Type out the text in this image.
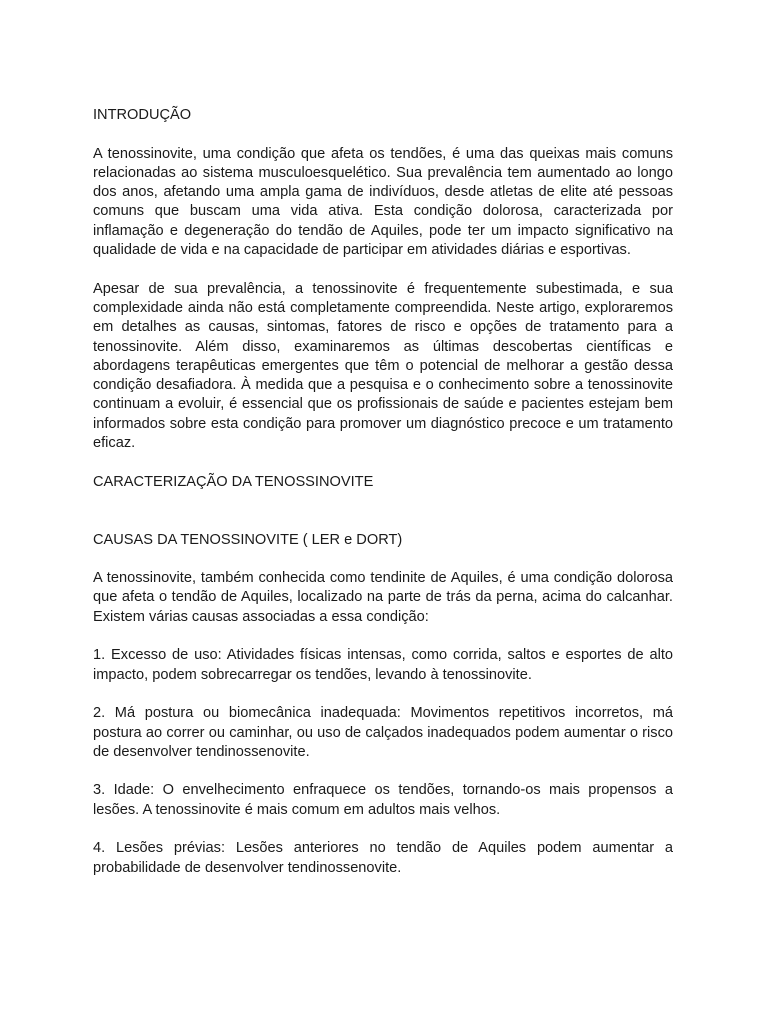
INTRODUÇÃO

A tenossinovite, uma condição que afeta os tendões, é uma das queixas mais comuns relacionadas ao sistema musculoesquelético. Sua prevalência tem aumentado ao longo dos anos, afetando uma ampla gama de indivíduos, desde atletas de elite até pessoas comuns que buscam uma vida ativa. Esta condição dolorosa, caracterizada por inflamação e degeneração do tendão de Aquiles, pode ter um impacto significativo na qualidade de vida e na capacidade de participar em atividades diárias e esportivas.

Apesar de sua prevalência, a tenossinovite é frequentemente subestimada, e sua complexidade ainda não está completamente compreendida. Neste artigo, exploraremos em detalhes as causas, sintomas, fatores de risco e opções de tratamento para a tenossinovite. Além disso, examinaremos as últimas descobertas científicas e abordagens terapêuticas emergentes que têm o potencial de melhorar a gestão dessa condição desafiadora. À medida que a pesquisa e o conhecimento sobre a tenossinovite continuam a evoluir, é essencial que os profissionais de saúde e pacientes estejam bem informados sobre esta condição para promover um diagnóstico precoce e um tratamento eficaz.

CARACTERIZAÇÃO DA TENOSSINOVITE
CAUSAS DA TENOSSINOVITE ( LER e DORT)

A tenossinovite, também conhecida como tendinite de Aquiles, é uma condição dolorosa que afeta o tendão de Aquiles, localizado na parte de trás da perna, acima do calcanhar. Existem várias causas associadas a essa condição:

1. Excesso de uso: Atividades físicas intensas, como corrida, saltos e esportes de alto impacto, podem sobrecarregar os tendões, levando à tenossinovite.

2. Má postura ou biomecânica inadequada: Movimentos repetitivos incorretos, má postura ao correr ou caminhar, ou uso de calçados inadequados podem aumentar o risco de desenvolver tendinossenovite.

3. Idade: O envelhecimento enfraquece os tendões, tornando-os mais propensos a lesões. A tenossinovite é mais comum em adultos mais velhos.

4. Lesões prévias: Lesões anteriores no tendão de Aquiles podem aumentar a probabilidade de desenvolver tendinossenovite.
